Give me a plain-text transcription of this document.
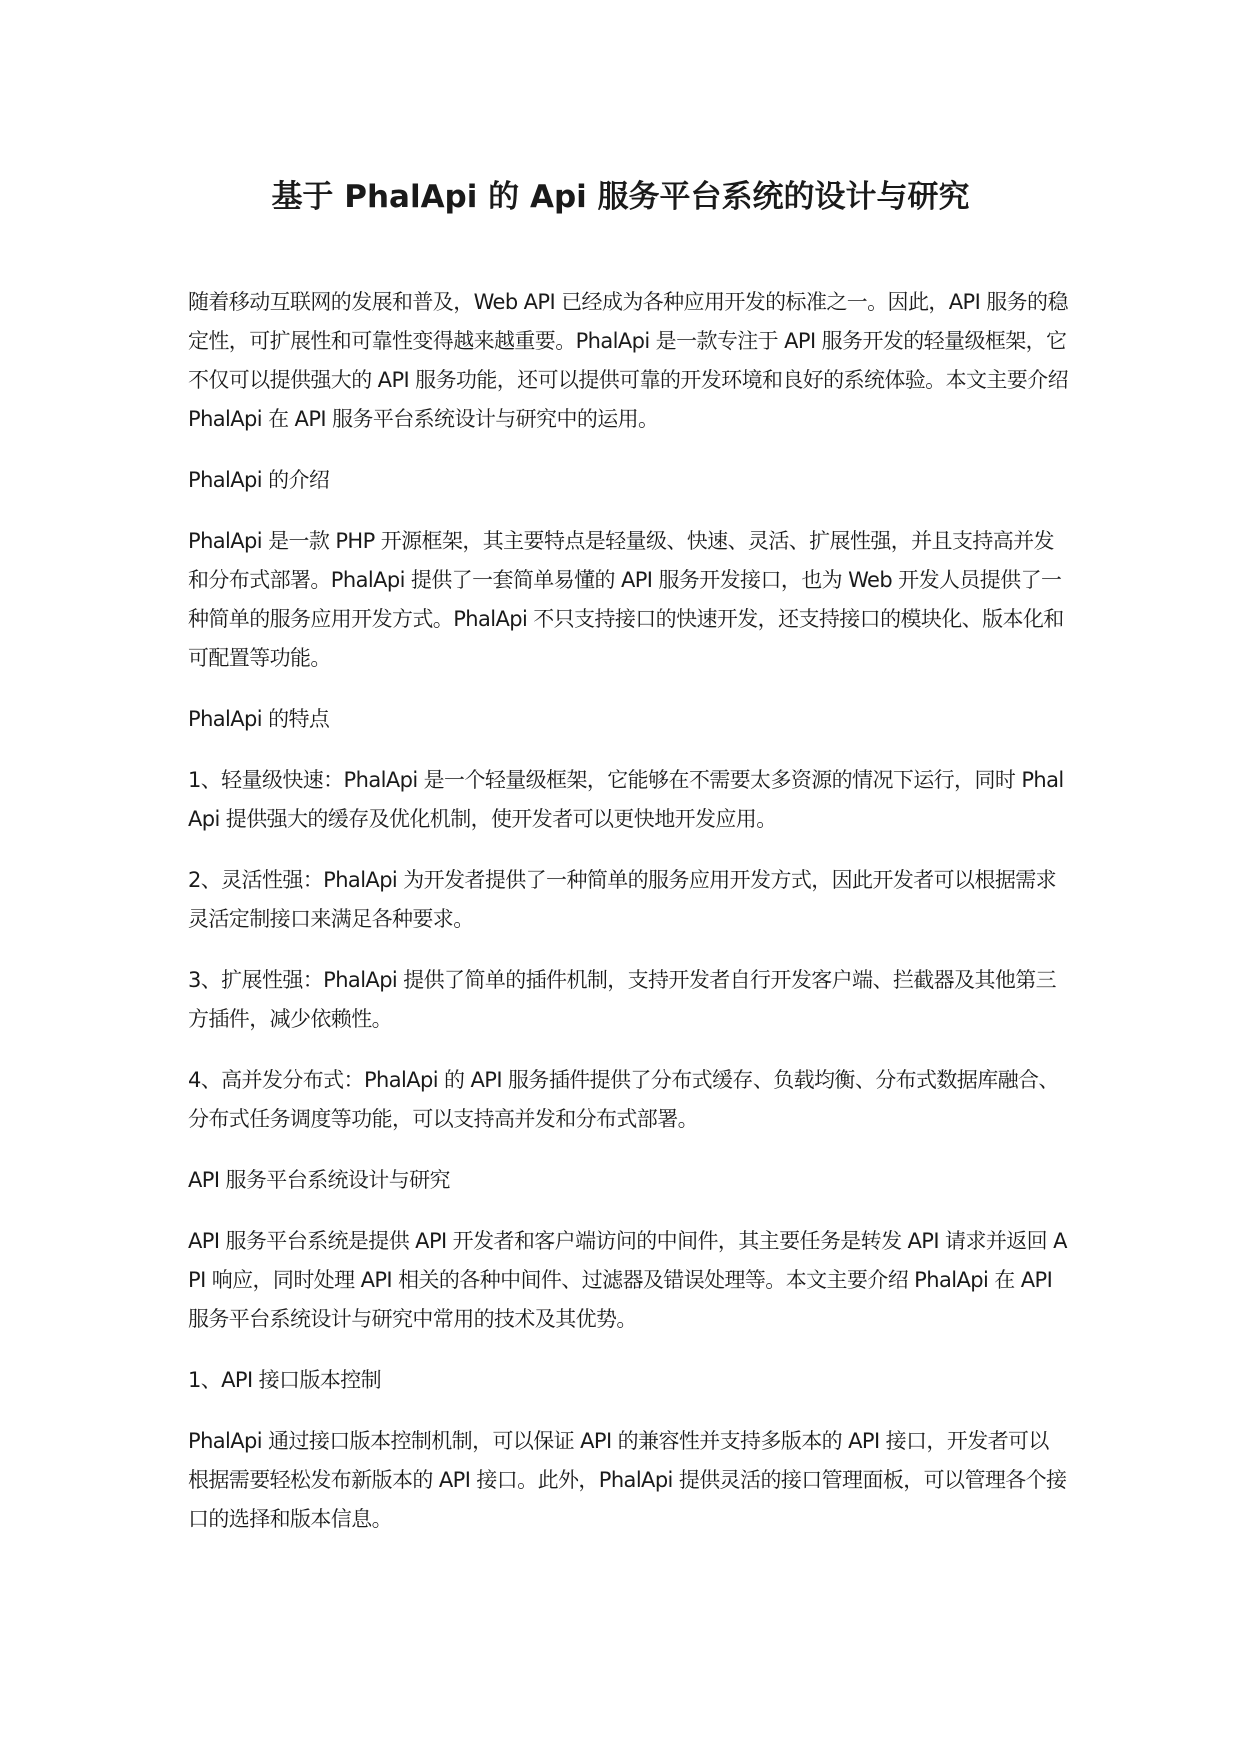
基于 PhalApi 的 Api 服务平台系统的设计与研究

随着移动互联网的发展和普及，Web API 已经成为各种应用开发的标准之一。因此，API 服务的稳定性，可扩展性和可靠性变得越来越重要。PhalApi 是一款专注于 API 服务开发的轻量级框架，它不仅可以提供强大的 API 服务功能，还可以提供可靠的开发环境和良好的系统体验。本文主要介绍 PhalApi 在 API 服务平台系统设计与研究中的运用。

PhalApi 的介绍

PhalApi 是一款 PHP 开源框架，其主要特点是轻量级、快速、灵活、扩展性强，并且支持高并发和分布式部署。PhalApi 提供了一套简单易懂的 API 服务开发接口，也为 Web 开发人员提供了一种简单的服务应用开发方式。PhalApi 不只支持接口的快速开发，还支持接口的模块化、版本化和可配置等功能。

PhalApi 的特点

1、轻量级快速：PhalApi 是一个轻量级框架，它能够在不需要太多资源的情况下运行，同时 PhalApi 提供强大的缓存及优化机制，使开发者可以更快地开发应用。

2、灵活性强：PhalApi 为开发者提供了一种简单的服务应用开发方式，因此开发者可以根据需求灵活定制接口来满足各种要求。

3、扩展性强：PhalApi 提供了简单的插件机制，支持开发者自行开发客户端、拦截器及其他第三方插件，减少依赖性。

4、高并发分布式：PhalApi 的 API 服务插件提供了分布式缓存、负载均衡、分布式数据库融合、分布式任务调度等功能，可以支持高并发和分布式部署。

API 服务平台系统设计与研究

API 服务平台系统是提供 API 开发者和客户端访问的中间件，其主要任务是转发 API 请求并返回 API 响应，同时处理 API 相关的各种中间件、过滤器及错误处理等。本文主要介绍 PhalApi 在 API 服务平台系统设计与研究中常用的技术及其优势。

1、API 接口版本控制

PhalApi 通过接口版本控制机制，可以保证 API 的兼容性并支持多版本的 API 接口，开发者可以根据需要轻松发布新版本的 API 接口。此外，PhalApi 提供灵活的接口管理面板，可以管理各个接口的选择和版本信息。
